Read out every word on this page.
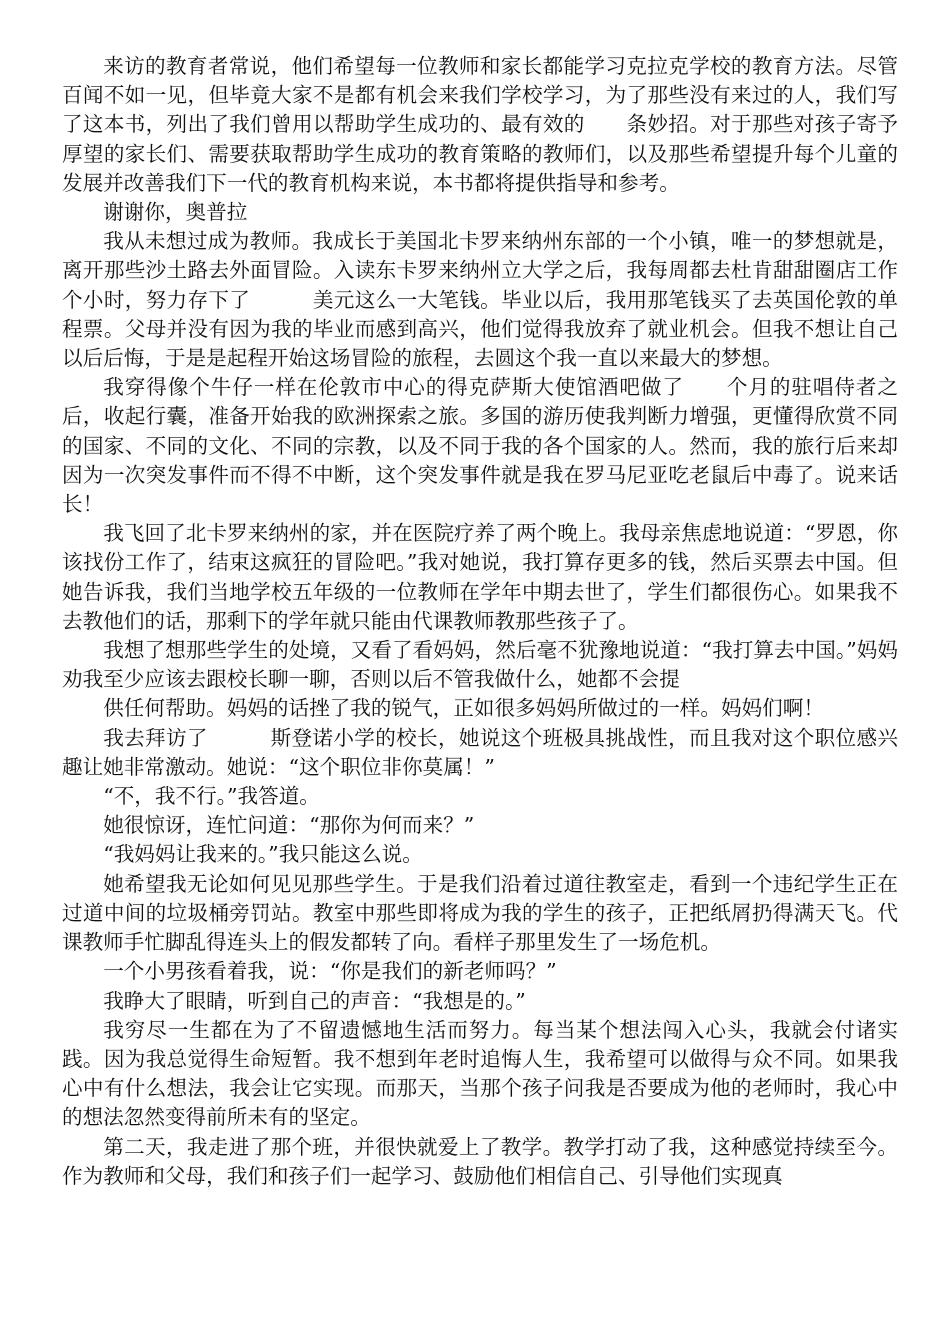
来访的教育者常说，他们希望每一位教师和家长都能学习克拉克学校的教育方法。尽管百闻不如一见，但毕竟大家不是都有机会来我们学校学习，为了那些没有来过的人，我们写了这本书，列出了我们曾用以帮助学生成功的、最有效的　　条妙招。对于那些对孩子寄予厚望的家长们、需要获取帮助学生成功的教育策略的教师们，以及那些希望提升每个儿童的发展并改善我们下一代的教育机构来说，本书都将提供指导和参考。

谢谢你，奥普拉

我从未想过成为教师。我成长于美国北卡罗来纳州东部的一个小镇，唯一的梦想就是，离开那些沙土路去外面冒险。入读东卡罗来纳州立大学之后，我每周都去杜肯甜甜圈店工作　　个小时，努力存下了　　　美元这么一大笔钱。毕业以后，我用那笔钱买了去英国伦敦的单程票。父母并没有因为我的毕业而感到高兴，他们觉得我放弃了就业机会。但我不想让自己以后后悔，于是是起程开始这场冒险的旅程，去圆这个我一直以来最大的梦想。

我穿得像个牛仔一样在伦敦市中心的得克萨斯大使馆酒吧做了　　个月的驻唱侍者之后，收起行囊，准备开始我的欧洲探索之旅。多国的游历使我判断力增强，更懂得欣赏不同的国家、不同的文化、不同的宗教，以及不同于我的各个国家的人。然而，我的旅行后来却因为一次突发事件而不得不中断，这个突发事件就是我在罗马尼亚吃老鼠后中毒了。说来话长！

我飞回了北卡罗来纳州的家，并在医院疗养了两个晚上。我母亲焦虑地说道：“罗恩，你该找份工作了，结束这疯狂的冒险吧。”我对她说，我打算存更多的钱，然后买票去中国。但她告诉我，我们当地学校五年级的一位教师在学年中期去世了，学生们都很伤心。如果我不去教他们的话，那剩下的学年就只能由代课教师教那些孩子了。

我想了想那些学生的处境，又看了看妈妈，然后毫不犹豫地说道：“我打算去中国。”妈妈劝我至少应该去跟校长聊一聊，否则以后不管我做什么，她都不会提

供任何帮助。妈妈的话挫了我的锐气，正如很多妈妈所做过的一样。妈妈们啊！

我去拜访了　　　斯登诺小学的校长，她说这个班极具挑战性，而且我对这个职位感兴趣让她非常激动。她说：“这个职位非你莫属！”

“不，我不行。”我答道。

她很惊讶，连忙问道：“那你为何而来？”

“我妈妈让我来的。”我只能这么说。

她希望我无论如何见见那些学生。于是我们沿着过道往教室走，看到一个违纪学生正在过道中间的垃圾桶旁罚站。教室中那些即将成为我的学生的孩子，正把纸屑扔得满天飞。代课教师手忙脚乱得连头上的假发都转了向。看样子那里发生了一场危机。

一个小男孩看着我，说：“你是我们的新老师吗？”

我睁大了眼睛，听到自己的声音：“我想是的。”

我穷尽一生都在为了不留遗憾地生活而努力。每当某个想法闯入心头，我就会付诸实践。因为我总觉得生命短暂。我不想到年老时追悔人生，我希望可以做得与众不同。如果我心中有什么想法，我会让它实现。而那天，当那个孩子问我是否要成为他的老师时，我心中的想法忽然变得前所未有的坚定。

第二天，我走进了那个班，并很快就爱上了教学。教学打动了我，这种感觉持续至今。作为教师和父母，我们和孩子们一起学习、鼓励他们相信自己、引导他们实现真
